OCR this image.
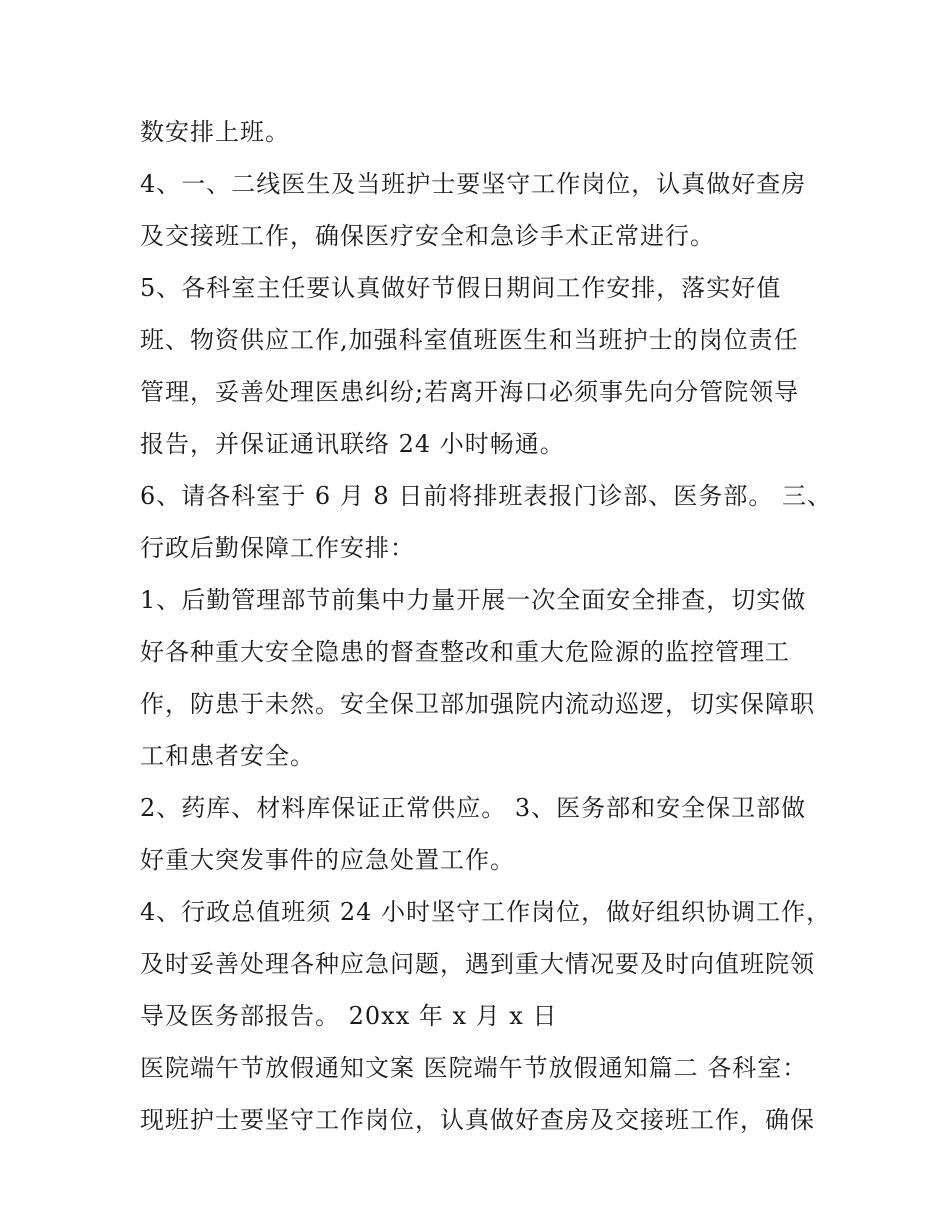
数安排上班。
4、一、二线医生及当班护士要坚守工作岗位，认真做好查房
及交接班工作，确保医疗安全和急诊手术正常进行。
5、各科室主任要认真做好节假日期间工作安排，落实好值
班、物资供应工作,加强科室值班医生和当班护士的岗位责任
管理，妥善处理医患纠纷;若离开海口必须事先向分管院领导
报告，并保证通讯联络 24 小时畅通。
6、请各科室于 6 月 8 日前将排班表报门诊部、医务部。 三、
行政后勤保障工作安排：
1、后勤管理部节前集中力量开展一次全面安全排查，切实做
好各种重大安全隐患的督查整改和重大危险源的监控管理工
作，防患于未然。安全保卫部加强院内流动巡逻，切实保障职
工和患者安全。
2、药库、材料库保证正常供应。 3、医务部和安全保卫部做
好重大突发事件的应急处置工作。
4、行政总值班须 24 小时坚守工作岗位，做好组织协调工作，
及时妥善处理各种应急问题，遇到重大情况要及时向值班院领
导及医务部报告。 20xx 年 x 月 x 日
医院端午节放假通知文案 医院端午节放假通知篇二 各科室：
现班护士要坚守工作岗位，认真做好查房及交接班工作，确保
